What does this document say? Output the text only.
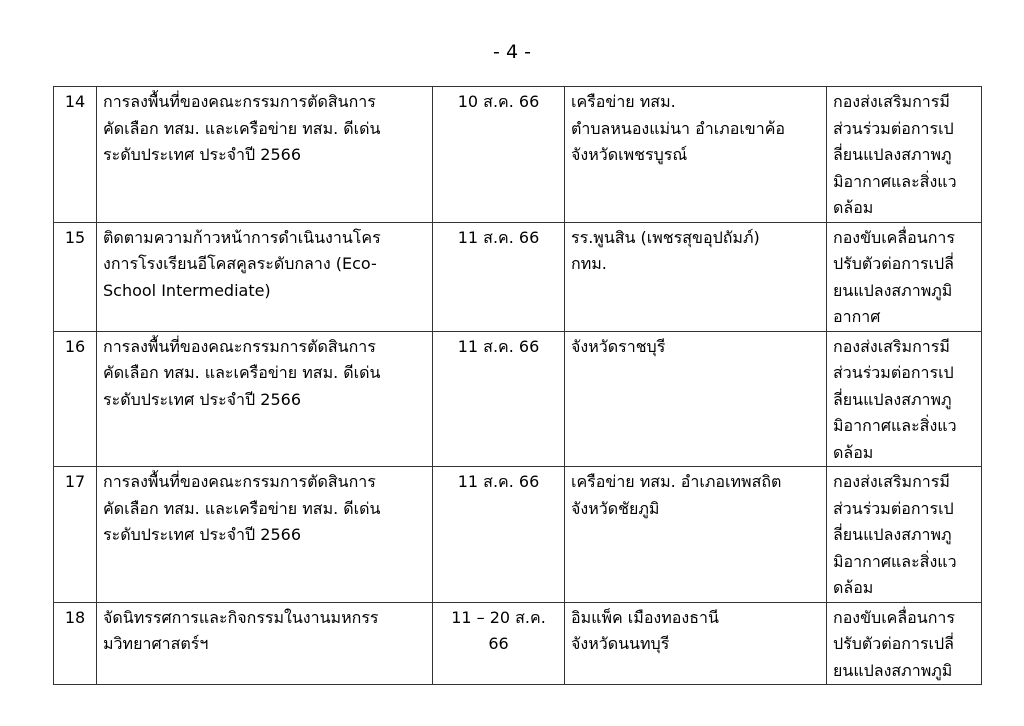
- 4 -
14	การลงพื้นที่ของคณะกรรมการตัดสินการ
คัดเลือก ทสม. และเครือข่าย ทสม. ดีเด่น
ระดับประเทศ ประจำปี 2566	10 ส.ค. 66	เครือข่าย ทสม.
ตำบลหนองแม่นา อำเภอเขาค้อ
จังหวัดเพชรบูรณ์	กองส่งเสริมการมี
ส่วนร่วมต่อการเป
ลี่ยนแปลงสภาพภู
มิอากาศและสิ่งแว
ดล้อม

15	ติดตามความก้าวหน้าการดำเนินงานโคร
งการโรงเรียนอีโคสคูลระดับกลาง (Eco-
School Intermediate)	11 ส.ค. 66	รร.พูนสิน (เพชรสุขอุปถัมภ์)
กทม.	กองขับเคลื่อนการ
ปรับตัวต่อการเปลี่
ยนแปลงสภาพภูมิ
อากาศ

16	การลงพื้นที่ของคณะกรรมการตัดสินการ
คัดเลือก ทสม. และเครือข่าย ทสม. ดีเด่น
ระดับประเทศ ประจำปี 2566	11 ส.ค. 66	จังหวัดราชบุรี	กองส่งเสริมการมี
ส่วนร่วมต่อการเป
ลี่ยนแปลงสภาพภู
มิอากาศและสิ่งแว
ดล้อม

17	การลงพื้นที่ของคณะกรรมการตัดสินการ
คัดเลือก ทสม. และเครือข่าย ทสม. ดีเด่น
ระดับประเทศ ประจำปี 2566	11 ส.ค. 66	เครือข่าย ทสม. อำเภอเทพสถิต
จังหวัดชัยภูมิ	กองส่งเสริมการมี
ส่วนร่วมต่อการเป
ลี่ยนแปลงสภาพภู
มิอากาศและสิ่งแว
ดล้อม

18	จัดนิทรรศการและกิจกรรมในงานมหกรร
มวิทยาศาสตร์ฯ	11 – 20 ส.ค.
66	อิมแพ็ค เมืองทองธานี
จังหวัดนนทบุรี	กองขับเคลื่อนการ
ปรับตัวต่อการเปลี่
ยนแปลงสภาพภูมิ
